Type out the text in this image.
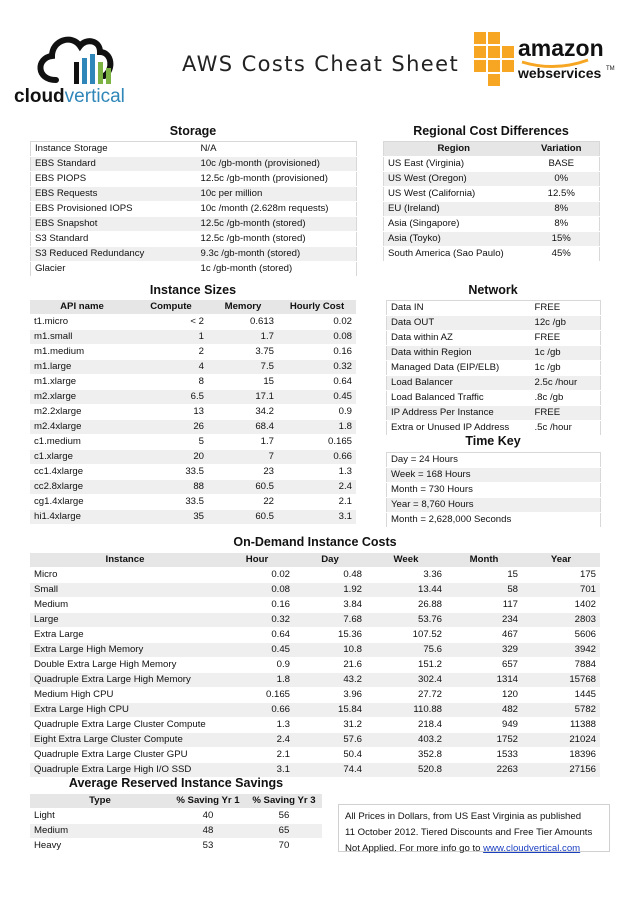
cloudvertical
AWS Costs Cheat Sheet
amazon
webservices TM
Storage
Instance Storage	N/A
EBS Standard	10c /gb-month (provisioned)
EBS PIOPS	12.5c /gb-month (provisioned)
EBS Requests	10c per million
EBS Provisioned IOPS	10c /month (2.628m requests)
EBS Snapshot	12.5c /gb-month (stored)
S3 Standard	12.5c /gb-month (stored)
S3 Reduced Redundancy	9.3c /gb-month (stored)
Glacier	1c /gb-month (stored)
Regional Cost Differences
Region	Variation
US East (Virginia)	BASE
US West (Oregon)	0%
US West (California)	12.5%
EU (Ireland)	8%
Asia (Singapore)	8%
Asia (Toyko)	15%
South America (Sao Paulo)	45%
Instance Sizes
API name	Compute	Memory	Hourly Cost
t1.micro	< 2	0.613	0.02
m1.small	1	1.7	0.08
m1.medium	2	3.75	0.16
m1.large	4	7.5	0.32
m1.xlarge	8	15	0.64
m2.xlarge	6.5	17.1	0.45
m2.2xlarge	13	34.2	0.9
m2.4xlarge	26	68.4	1.8
c1.medium	5	1.7	0.165
c1.xlarge	20	7	0.66
cc1.4xlarge	33.5	23	1.3
cc2.8xlarge	88	60.5	2.4
cg1.4xlarge	33.5	22	2.1
hi1.4xlarge	35	60.5	3.1
Network
Data IN	FREE
Data OUT	12c /gb
Data within AZ	FREE
Data within Region	1c /gb
Managed Data (EIP/ELB)	1c /gb
Load Balancer	2.5c /hour
Load Balanced Traffic	.8c /gb
IP Address Per Instance	FREE
Extra or Unused IP Address	.5c /hour
Time Key
Day = 24 Hours
Week = 168 Hours
Month = 730 Hours
Year = 8,760 Hours
Month = 2,628,000 Seconds
On-Demand Instance Costs
Instance	Hour	Day	Week	Month	Year
Micro	0.02	0.48	3.36	15	175
Small	0.08	1.92	13.44	58	701
Medium	0.16	3.84	26.88	117	1402
Large	0.32	7.68	53.76	234	2803
Extra Large	0.64	15.36	107.52	467	5606
Extra Large High Memory	0.45	10.8	75.6	329	3942
Double Extra Large High Memory	0.9	21.6	151.2	657	7884
Quadruple Extra Large High Memory	1.8	43.2	302.4	1314	15768
Medium High CPU	0.165	3.96	27.72	120	1445
Extra Large High CPU	0.66	15.84	110.88	482	5782
Quadruple Extra Large Cluster Compute	1.3	31.2	218.4	949	11388
Eight Extra Large Cluster Compute	2.4	57.6	403.2	1752	21024
Quadruple Extra Large Cluster GPU	2.1	50.4	352.8	1533	18396
Quadruple Extra Large High I/O SSD	3.1	74.4	520.8	2263	27156
Average Reserved Instance Savings
Type	% Saving Yr 1	% Saving Yr 3
Light	40	56
Medium	48	65
Heavy	53	70
All Prices in Dollars, from US East Virginia as published
11 October 2012. Tiered Discounts and Free Tier Amounts
Not Applied. For more info go to www.cloudvertical.com
